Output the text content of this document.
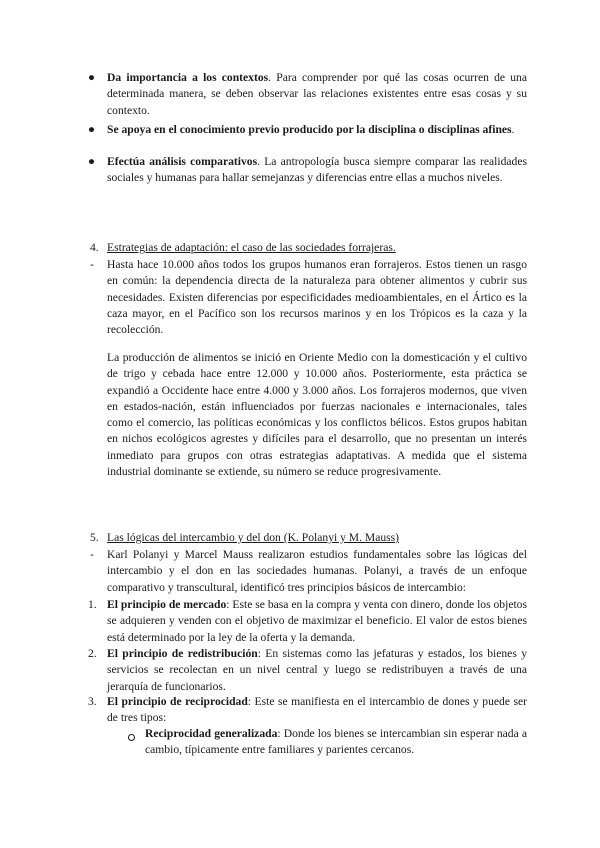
● Da importancia a los contextos. Para comprender por qué las cosas ocurren de una determinada manera, se deben observar las relaciones existentes entre esas cosas y su contexto.
● Se apoya en el conocimiento previo producido por la disciplina o disciplinas afines.
● Efectúa análisis comparativos. La antropología busca siempre comparar las realidades sociales y humanas para hallar semejanzas y diferencias entre ellas a muchos niveles.
4. Estrategias de adaptación: el caso de las sociedades forrajeras.
- Hasta hace 10.000 años todos los grupos humanos eran forrajeros. Estos tienen un rasgo en común: la dependencia directa de la naturaleza para obtener alimentos y cubrir sus necesidades. Existen diferencias por especificidades medioambientales, en el Ártico es la caza mayor, en el Pacífico son los recursos marinos y en los Trópicos es la caza y la recolección.

La producción de alimentos se inició en Oriente Medio con la domesticación y el cultivo de trigo y cebada hace entre 12.000 y 10.000 años. Posteriormente, esta práctica se expandió a Occidente hace entre 4.000 y 3.000 años. Los forrajeros modernos, que viven en estados-nación, están influenciados por fuerzas nacionales e internacionales, tales como el comercio, las políticas económicas y los conflictos bélicos. Estos grupos habitan en nichos ecológicos agrestes y difíciles para el desarrollo, que no presentan un interés inmediato para grupos con otras estrategias adaptativas. A medida que el sistema industrial dominante se extiende, su número se reduce progresivamente.

5. Las lógicas del intercambio y del don (K. Polanyi y M. Mauss)
- Karl Polanyi y Marcel Mauss realizaron estudios fundamentales sobre las lógicas del intercambio y el don en las sociedades humanas. Polanyi, a través de un enfoque comparativo y transcultural, identificó tres principios básicos de intercambio:

1. El principio de mercado: Este se basa en la compra y venta con dinero, donde los objetos se adquieren y venden con el objetivo de maximizar el beneficio. El valor de estos bienes está determinado por la ley de la oferta y la demanda.
2. El principio de redistribución: En sistemas como las jefaturas y estados, los bienes y servicios se recolectan en un nivel central y luego se redistribuyen a través de una jerarquía de funcionarios.
3. El principio de reciprocidad: Este se manifiesta en el intercambio de dones y puede ser de tres tipos:
Reciprocidad generalizada: Donde los bienes se intercambian sin esperar nada a cambio, típicamente entre familiares y parientes cercanos.
